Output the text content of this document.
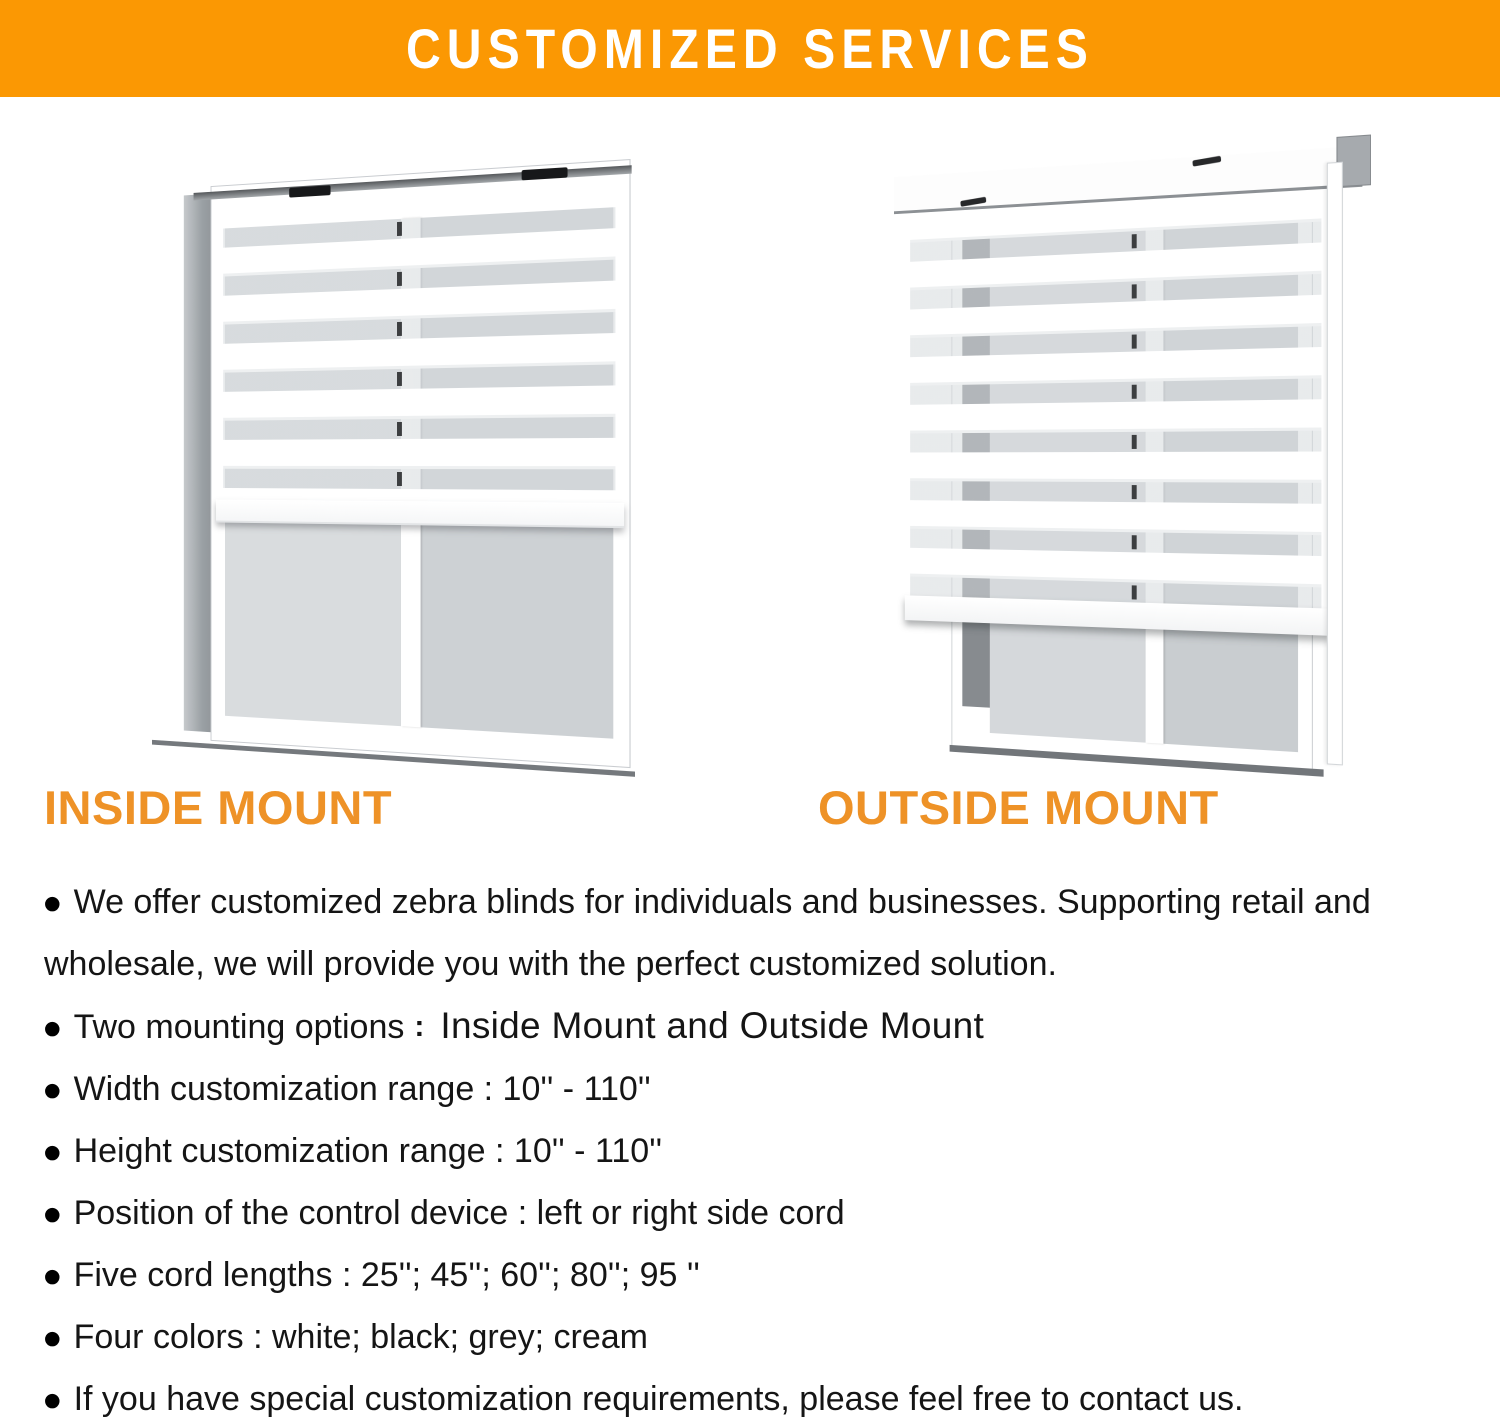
CUSTOMIZED SERVICES
INSIDE MOUNT	OUTSIDE MOUNT

● We offer customized zebra blinds for individuals and businesses. Supporting retail and wholesale, we will provide you with the perfect customized solution.

● Two mounting options : Inside Mount and Outside Mount

● Width customization range : 10'' - 110''

● Height customization range : 10'' - 110''

● Position of the control device : left or right side cord

● Five cord lengths : 25''; 45''; 60''; 80''; 95 ''

● Four colors : white; black; grey; cream

● If you have special customization requirements, please feel free to contact us.
